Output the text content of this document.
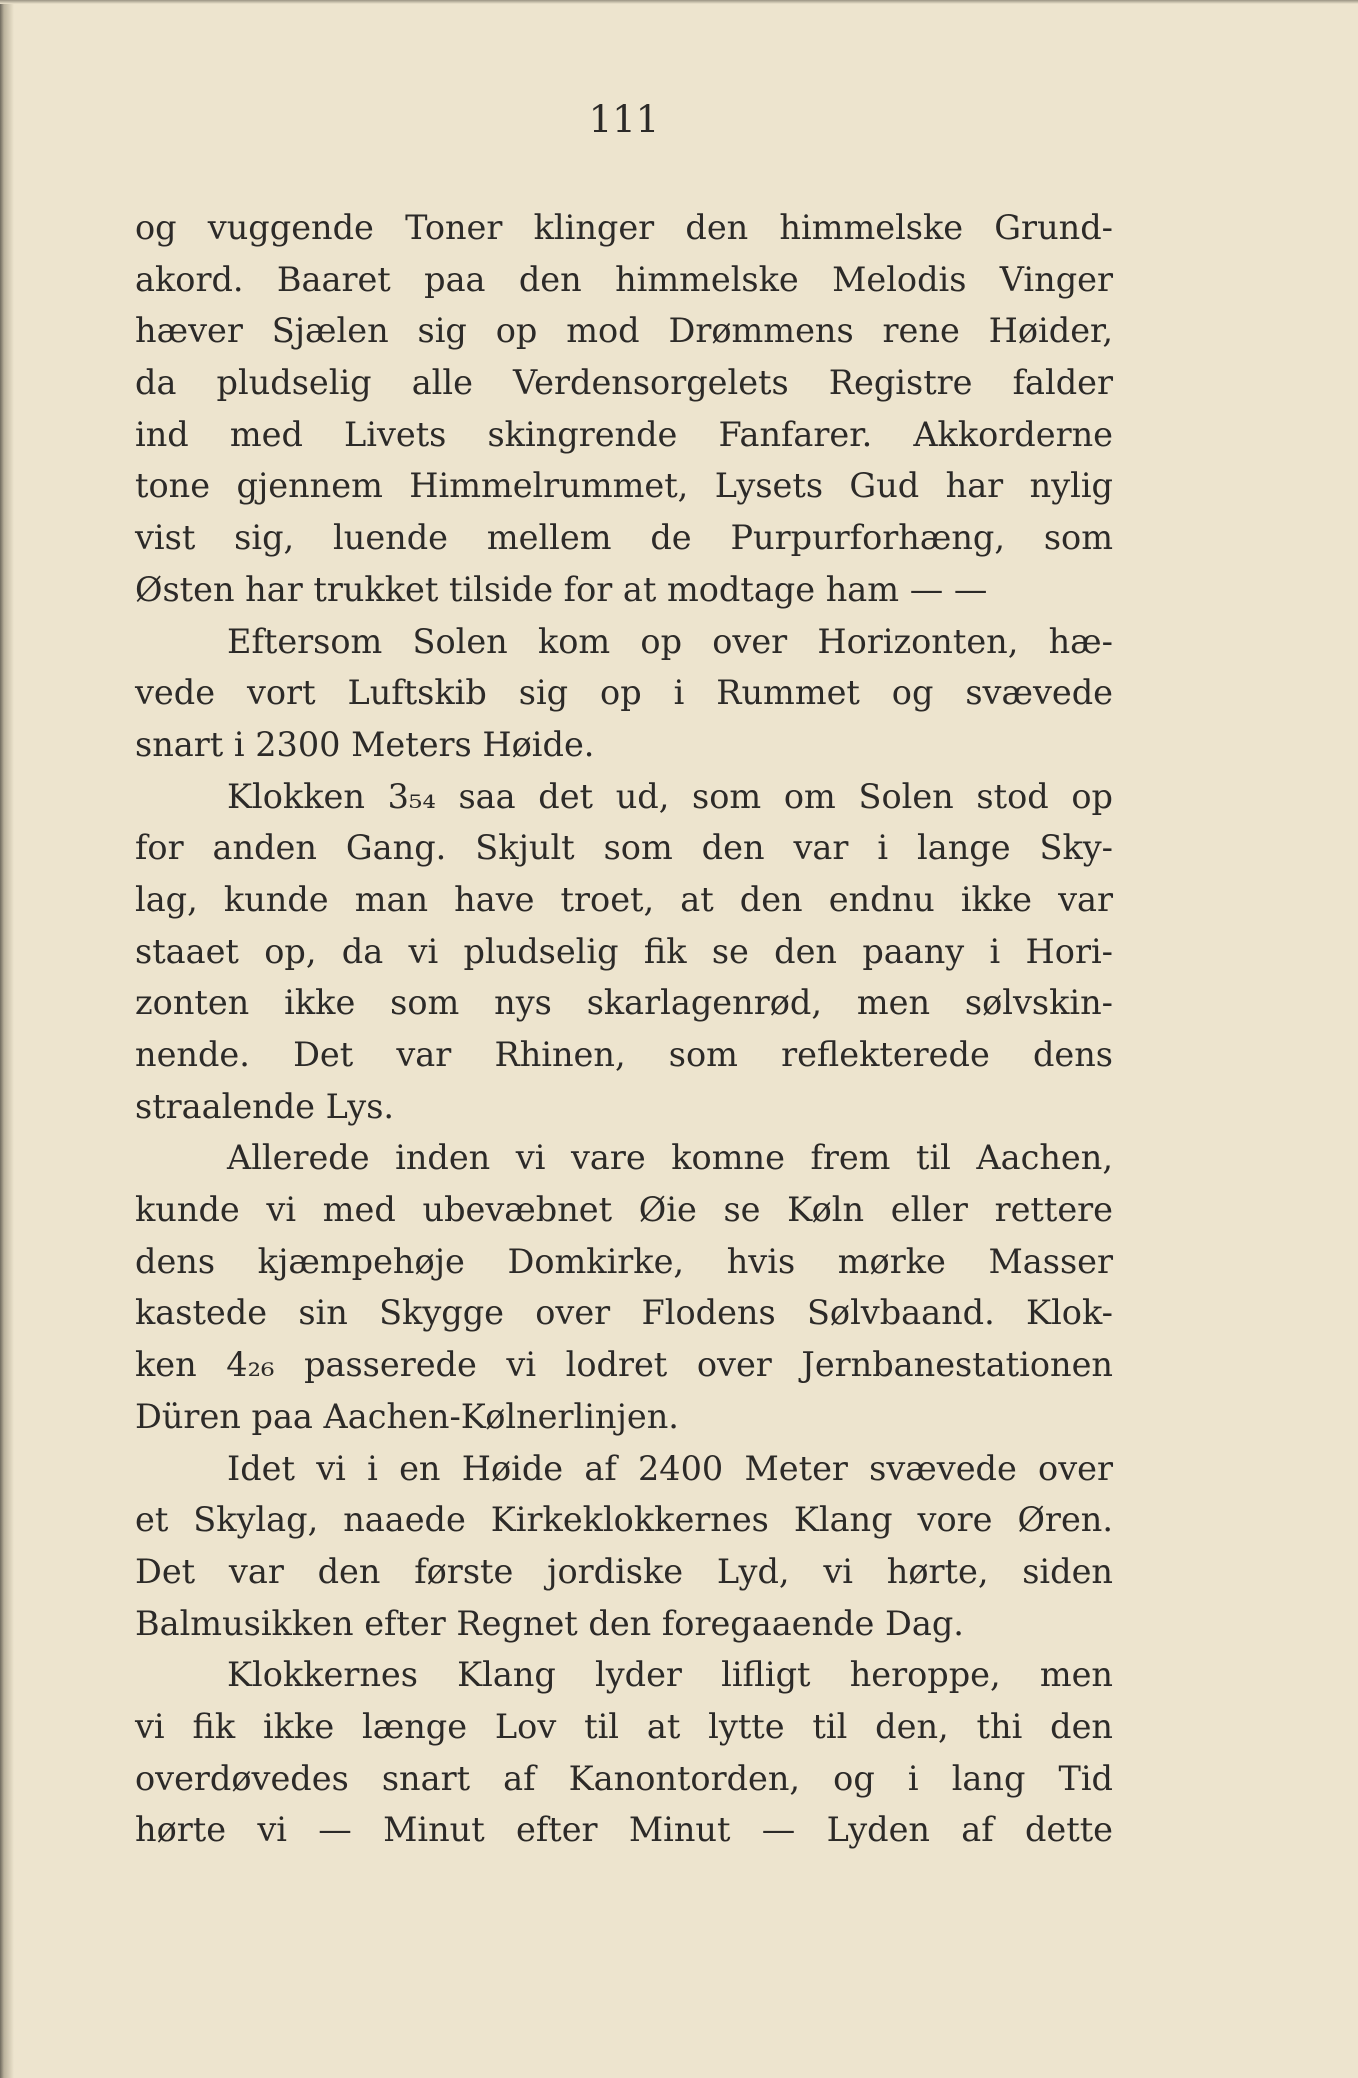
111
og vuggende Toner klinger den himmelske Grund-
akord. Baaret paa den himmelske Melodis Vinger
hæver Sjælen sig op mod Drømmens rene Høider,
da pludselig alle Verdensorgelets Registre falder
ind med Livets skingrende Fanfarer. Akkorderne
tone gjennem Himmelrummet, Lysets Gud har nylig
vist sig, luende mellem de Purpurforhæng, som
Østen har trukket tilside for at modtage ham — —
Eftersom Solen kom op over Horizonten, hæ-
vede vort Luftskib sig op i Rummet og svævede
snart i 2300 Meters Høide.
Klokken 3₅₄ saa det ud, som om Solen stod op
for anden Gang. Skjult som den var i lange Sky-
lag, kunde man have troet, at den endnu ikke var
staaet op, da vi pludselig fik se den paany i Hori-
zonten ikke som nys skarlagenrød, men sølvskin-
nende. Det var Rhinen, som reflekterede dens
straalende Lys.
Allerede inden vi vare komne frem til Aachen,
kunde vi med ubevæbnet Øie se Køln eller rettere
dens kjæmpehøje Domkirke, hvis mørke Masser
kastede sin Skygge over Flodens Sølvbaand. Klok-
ken 4₂₆ passerede vi lodret over Jernbanestationen
Düren paa Aachen-Kølnerlinjen.
Idet vi i en Høide af 2400 Meter svævede over
et Skylag, naaede Kirkeklokkernes Klang vore Øren.
Det var den første jordiske Lyd, vi hørte, siden
Balmusikken efter Regnet den foregaaende Dag.
Klokkernes Klang lyder lifligt heroppe, men
vi fik ikke længe Lov til at lytte til den, thi den
overdøvedes snart af Kanontorden, og i lang Tid
hørte vi — Minut efter Minut — Lyden af dette
